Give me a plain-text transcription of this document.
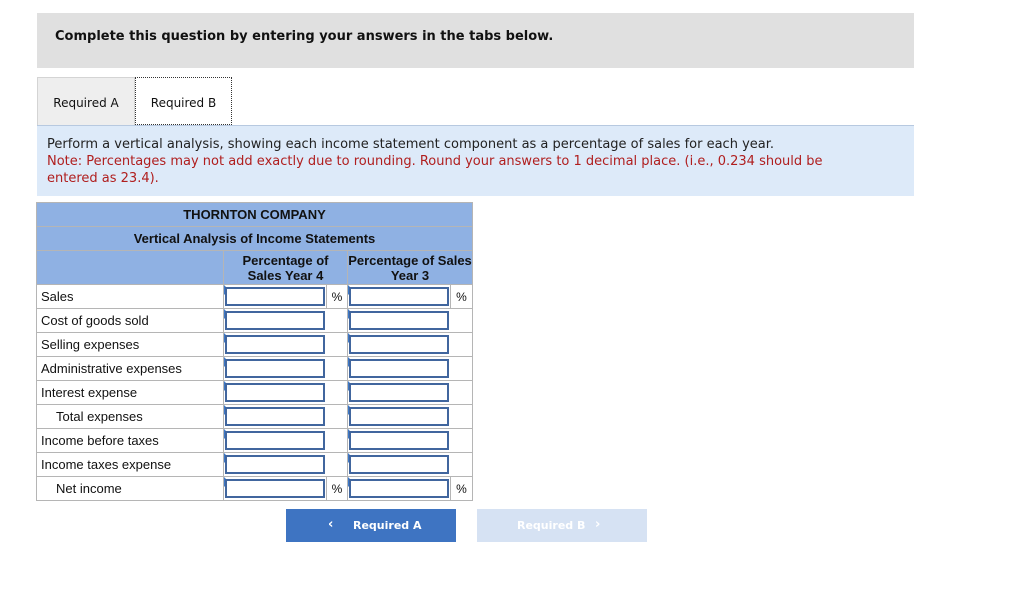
Complete this question by entering your answers in the tabs below.
Required A	Required B
Perform a vertical analysis, showing each income statement component as a percentage of sales for each year.
Note: Percentages may not add exactly due to rounding. Round your answers to 1 decimal place. (i.e., 0.234 should be entered as 23.4).
THORNTON COMPANY				
Vertical Analysis of Income Statements				
	Percentage of Sales Year 4		Percentage of Sales Year 3	
Sales		%		%
Cost of goods sold			

Selling expenses			

Administrative expenses			

Interest expense			

Total expenses			

Income before taxes			

Income taxes expense			

Net income		%		%
‹ Required A	Required B ›
